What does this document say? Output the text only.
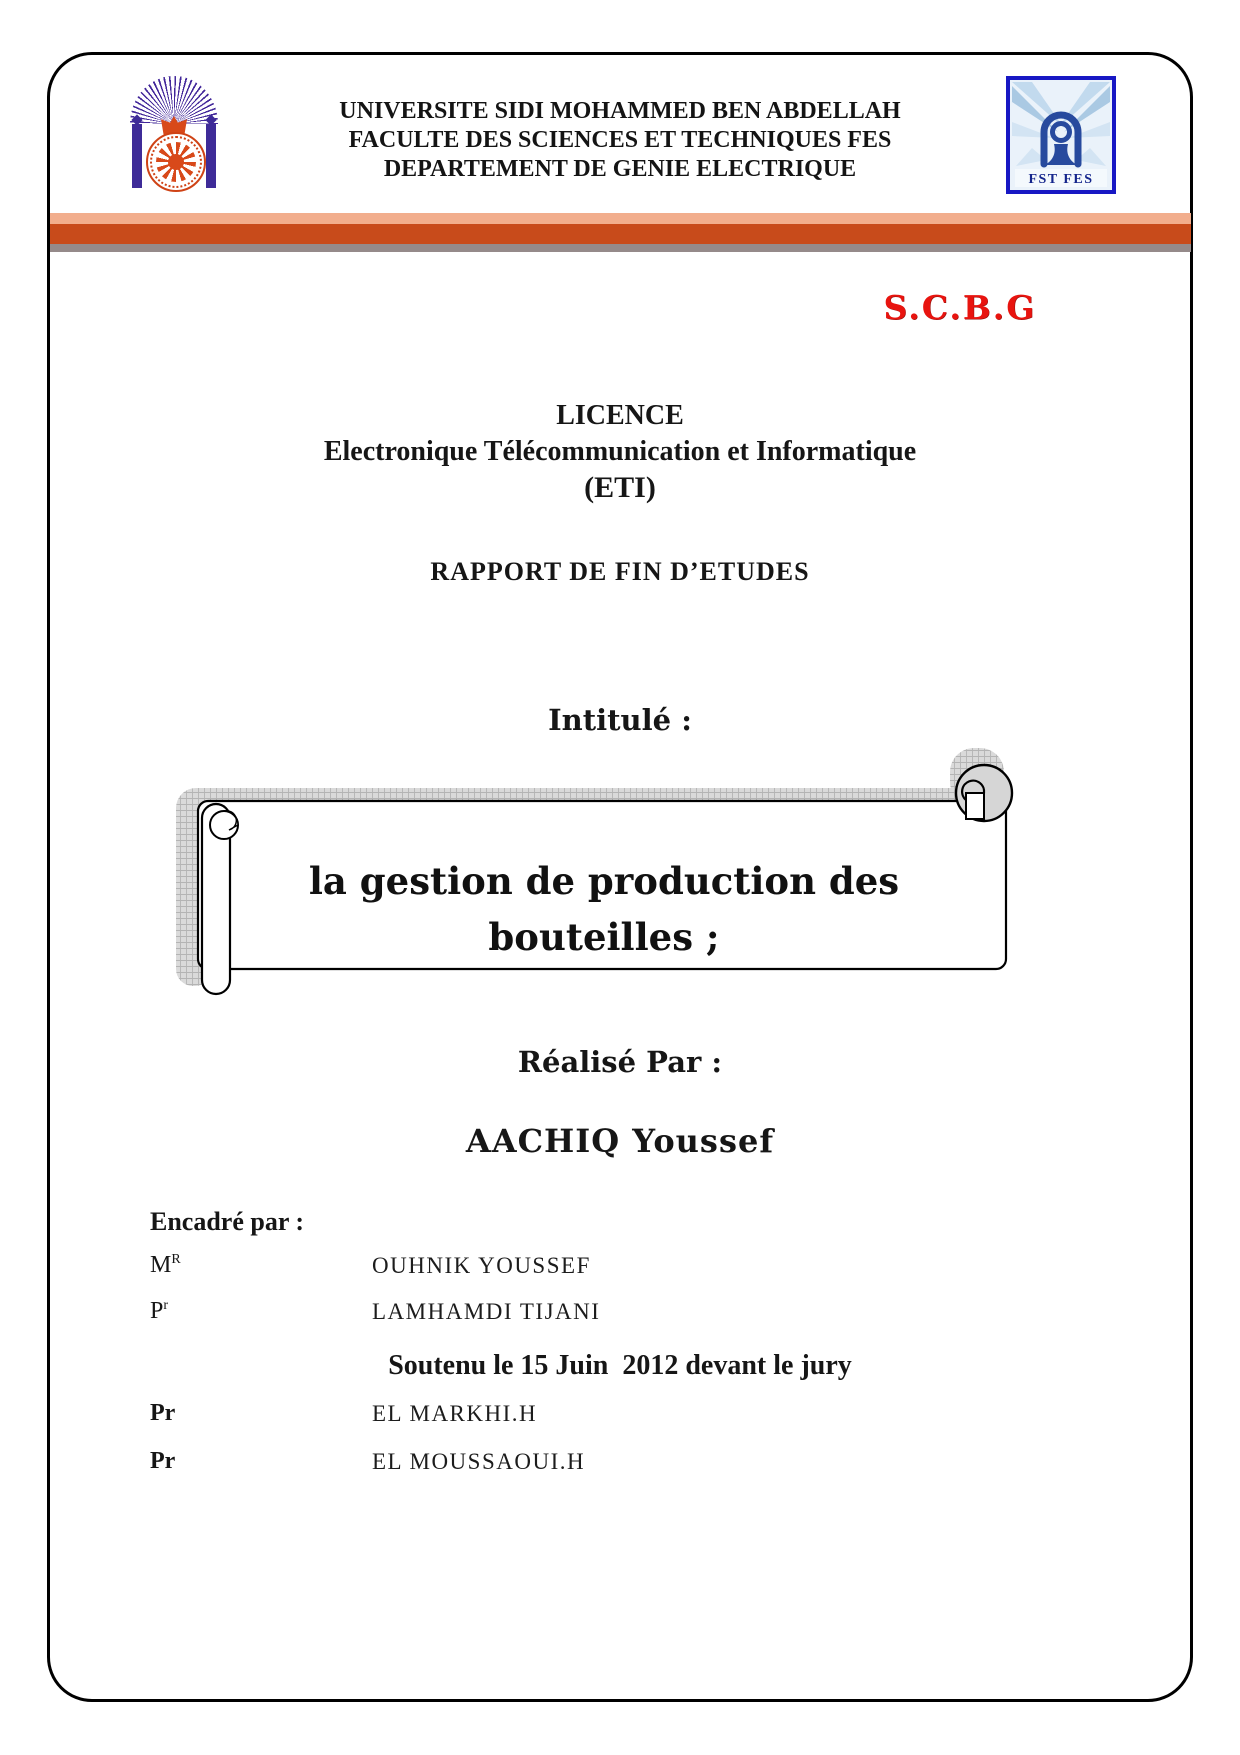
UNIVERSITE SIDI MOHAMMED BEN ABDELLAH
FACULTE DES SCIENCES ET TECHNIQUES FES
DEPARTEMENT DE GENIE ELECTRIQUE	FST FES
S.C.B.G
LICENCE
Electronique Télécommunication et Informatique
(ETI)
RAPPORT DE FIN D’ETUDES
Intitulé :
la gestion de production des
bouteilles ;
Réalisé Par :
AACHIQ Youssef
Encadré par :
$M^R$	OUHNIK YOUSSEF
$P^r$	LAMHAMDI TIJANI
Soutenu le 15 Juin  2012 devant le jury
Pr	EL MARKHI.H
Pr	EL MOUSSAOUI.H
